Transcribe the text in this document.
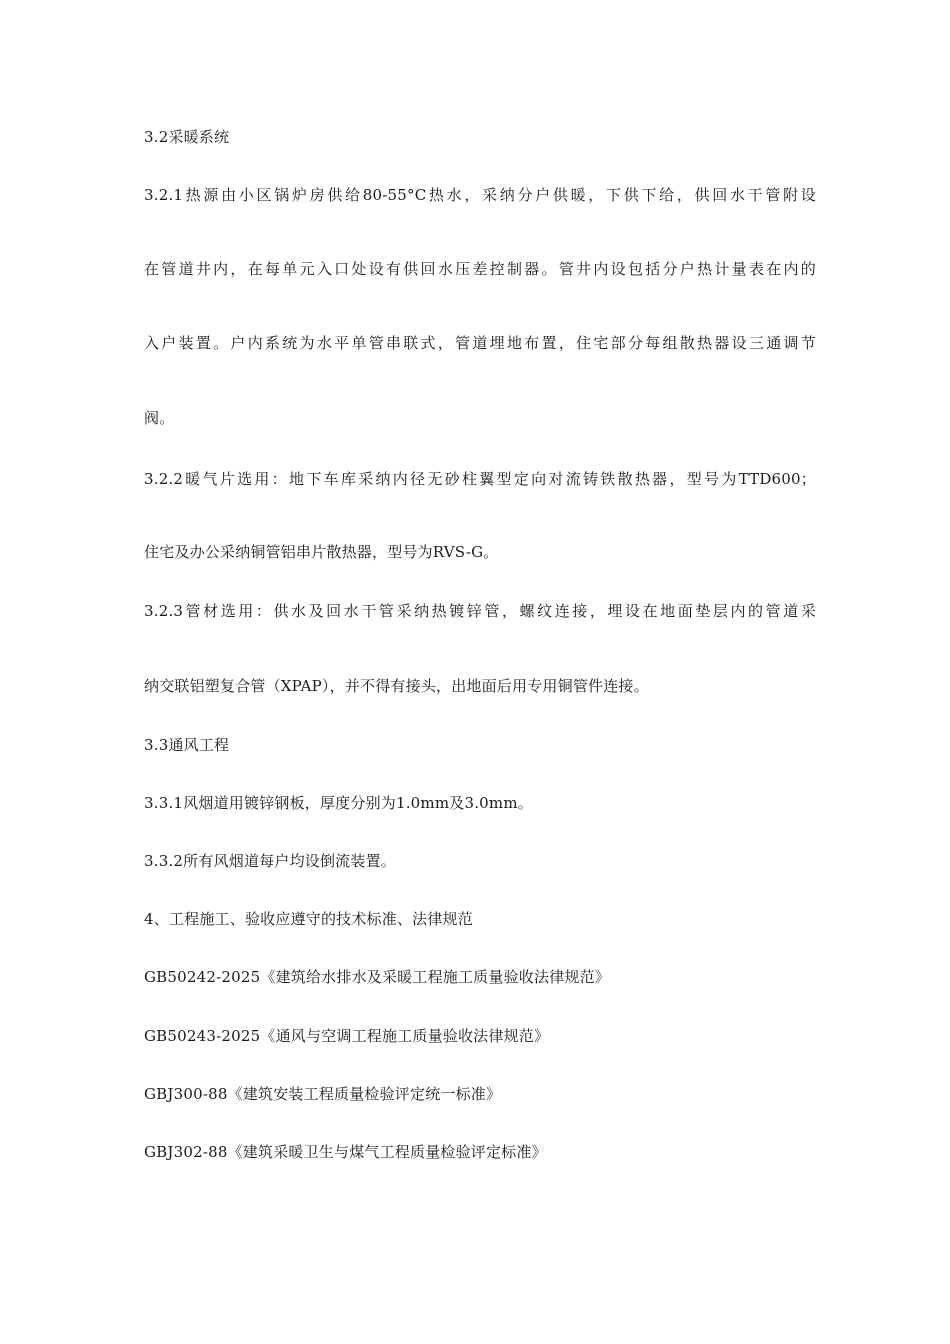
3.2采暖系统
3.2.1热源由小区锅炉房供给80-55°C热水，采纳分户供暖，下供下给，供回水干管附设
在管道井内，在每单元入口处设有供回水压差控制器。管井内设包括分户热计量表在内的
入户装置。户内系统为水平单管串联式，管道埋地布置，住宅部分每组散热器设三通调节
阀。
3.2.2暖气片选用：地下车库采纳内径无砂柱翼型定向对流铸铁散热器，型号为TTD600；
住宅及办公采纳铜管铝串片散热器，型号为RVS-G。
3.2.3管材选用：供水及回水干管采纳热镀锌管，螺纹连接，埋设在地面垫层内的管道采
纳交联铝塑复合管（XPAP），并不得有接头，出地面后用专用铜管件连接。
3.3通风工程
3.3.1风烟道用镀锌钢板，厚度分别为1.0mm及3.0mm。
3.3.2所有风烟道每户均设倒流装置。
4、工程施工、验收应遵守的技术标准、法律规范
GB50242-2025《建筑给水排水及采暖工程施工质量验收法律规范》
GB50243-2025《通风与空调工程施工质量验收法律规范》
GBJ300-88《建筑安装工程质量检验评定统一标准》
GBJ302-88《建筑采暖卫生与煤气工程质量检验评定标准》
